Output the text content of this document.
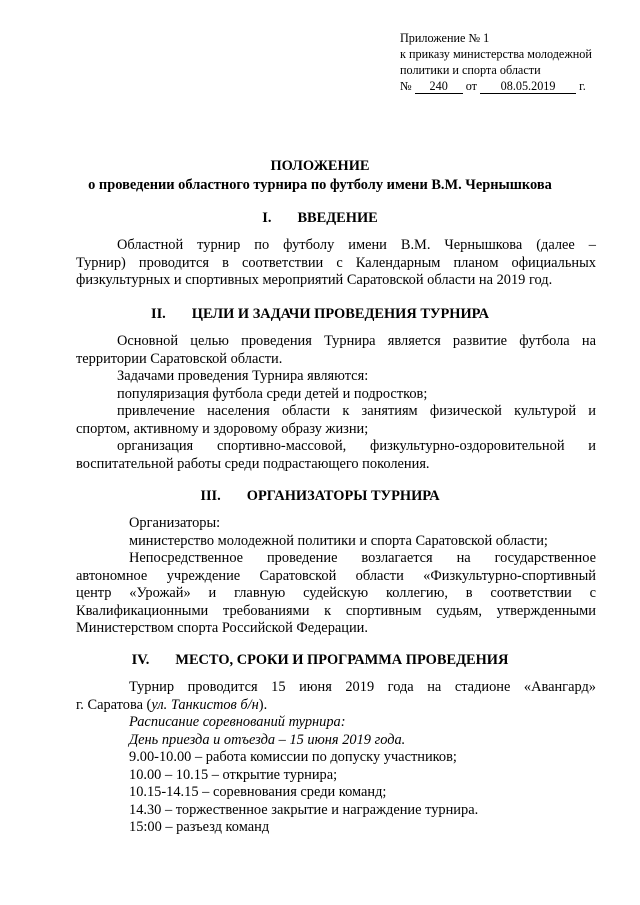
Приложение № 1
к приказу министерства молодежной
политики и спорта области
№ 240 от 08.05.2019 г.
ПОЛОЖЕНИЕ
о проведении областного турнира по футболу имени В.М. Чернышкова
I. ВВЕДЕНИЕ
Областной турнир по футболу имени В.М. Чернышкова (далее –
Турнир) проводится в соответствии с Календарным планом официальных
физкультурных и спортивных мероприятий Саратовской области на 2019 год.
II. ЦЕЛИ И ЗАДАЧИ ПРОВЕДЕНИЯ ТУРНИРА
Основной целью проведения Турнира является развитие футбола на
территории Саратовской области.
Задачами проведения Турнира являются:
популяризация футбола среди детей и подростков;
привлечение населения области к занятиям физической культурой и
спортом, активному и здоровому образу жизни;
организация спортивно-массовой, физкультурно-оздоровительной и
воспитательной работы среди подрастающего поколения.
III. ОРГАНИЗАТОРЫ ТУРНИРА
Организаторы:
министерство молодежной политики и спорта Саратовской области;
Непосредственное проведение возлагается на государственное
автономное учреждение Саратовской области «Физкультурно-спортивный
центр «Урожай» и главную судейскую коллегию, в соответствии с
Квалификационными требованиями к спортивным судьям, утвержденными
Министерством спорта Российской Федерации.
IV. МЕСТО, СРОКИ И ПРОГРАММА ПРОВЕДЕНИЯ
Турнир проводится 15 июня 2019 года на стадионе «Авангард»
г. Саратова (ул. Танкистов б/н).
Расписание соревнований турнира:
День приезда и отъезда – 15 июня 2019 года.
9.00-10.00 – работа комиссии по допуску участников;
10.00 – 10.15 – открытие турнира;
10.15-14.15 – соревнования среди команд;
14.30 – торжественное закрытие и награждение турнира.
15:00 – разъезд команд
